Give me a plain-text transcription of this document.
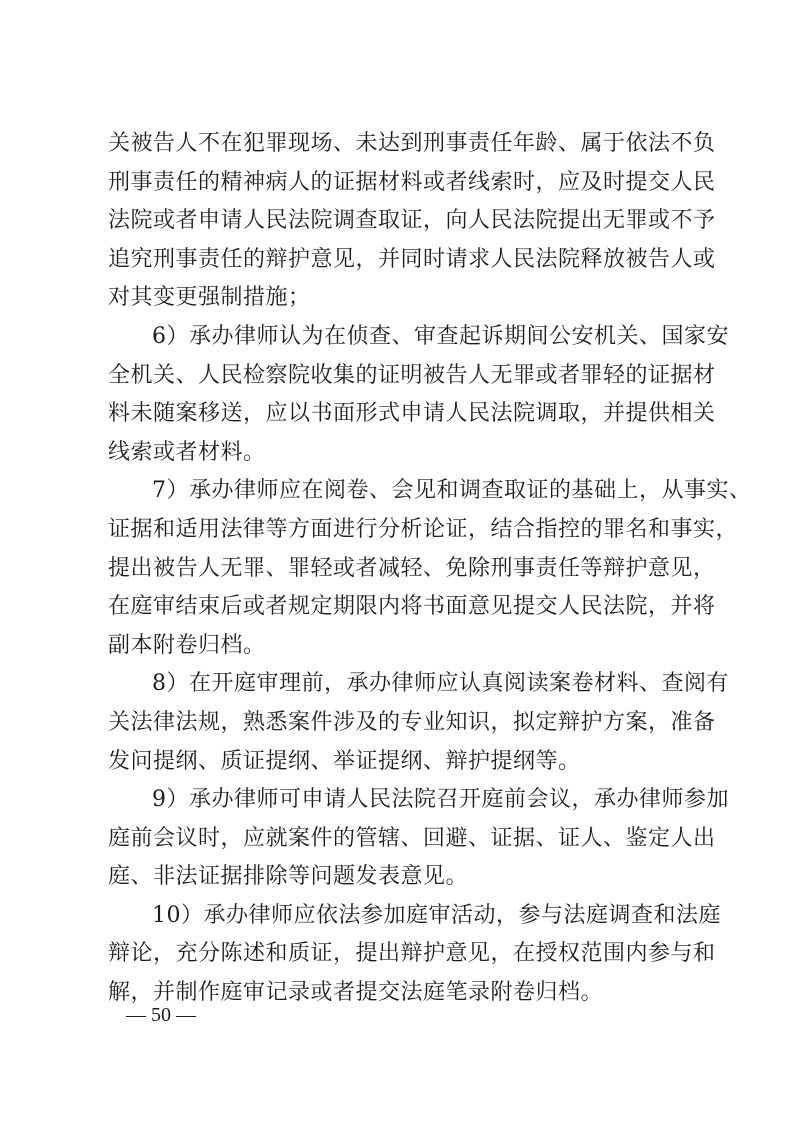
关被告人不在犯罪现场、未达到刑事责任年龄、属于依法不负
刑事责任的精神病人的证据材料或者线索时，应及时提交人民
法院或者申请人民法院调查取证，向人民法院提出无罪或不予
追究刑事责任的辩护意见，并同时请求人民法院释放被告人或
对其变更强制措施；
6）承办律师认为在侦查、审查起诉期间公安机关、国家安
全机关、人民检察院收集的证明被告人无罪或者罪轻的证据材
料未随案移送，应以书面形式申请人民法院调取，并提供相关
线索或者材料。
7）承办律师应在阅卷、会见和调查取证的基础上，从事实、
证据和适用法律等方面进行分析论证，结合指控的罪名和事实，
提出被告人无罪、罪轻或者减轻、免除刑事责任等辩护意见，
在庭审结束后或者规定期限内将书面意见提交人民法院，并将
副本附卷归档。
8）在开庭审理前，承办律师应认真阅读案卷材料、查阅有
关法律法规，熟悉案件涉及的专业知识，拟定辩护方案，准备
发问提纲、质证提纲、举证提纲、辩护提纲等。
9）承办律师可申请人民法院召开庭前会议，承办律师参加
庭前会议时，应就案件的管辖、回避、证据、证人、鉴定人出
庭、非法证据排除等问题发表意见。
10）承办律师应依法参加庭审活动，参与法庭调查和法庭
辩论，充分陈述和质证，提出辩护意见，在授权范围内参与和
解，并制作庭审记录或者提交法庭笔录附卷归档。
— 50 —
